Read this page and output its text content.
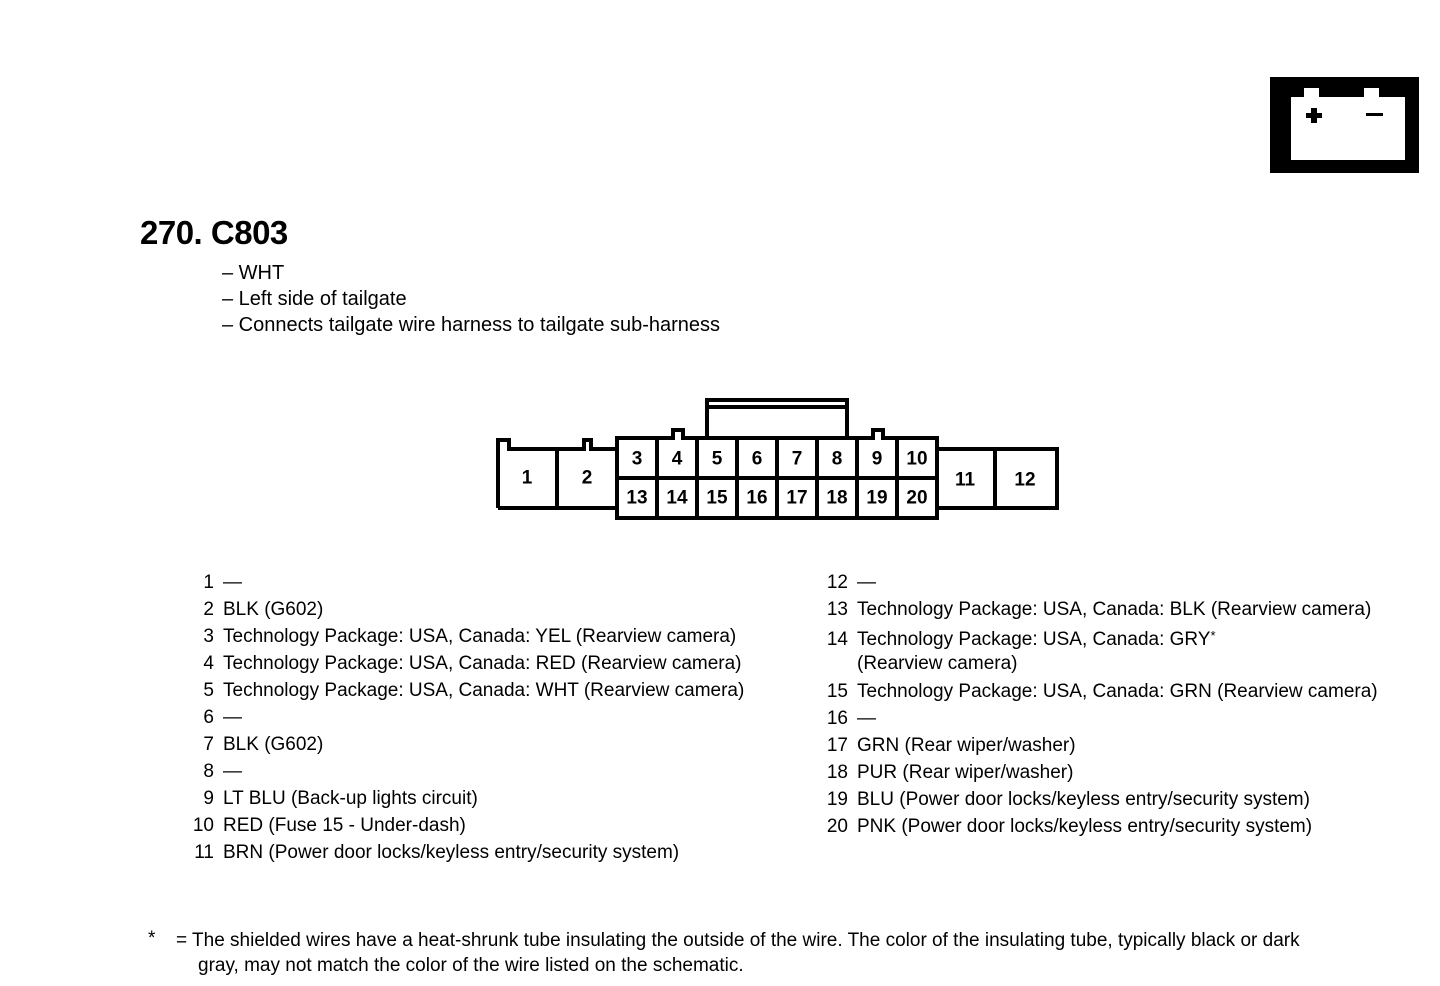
270. C803
– WHT
– Left side of tailgate
– Connects tailgate wire harness to tailgate sub-harness
1	2	11 12
3
13
4
14
5
15
6
16
7
17
8
18
9
19
10
20
1 —
2 BLK (G602)
3 Technology Package: USA, Canada: YEL (Rearview camera)
4 Technology Package: USA, Canada: RED (Rearview camera)
5 Technology Package: USA, Canada: WHT (Rearview camera)
6 —
7 BLK (G602)
8 —
9 LT BLU (Back-up lights circuit)
10 RED (Fuse 15 - Under-dash)
11 BRN (Power door locks/keyless entry/security system)
12 —
13 Technology Package: USA, Canada: BLK (Rearview camera)
14 Technology Package: USA, Canada: GRY*
(Rearview camera)
15 Technology Package: USA, Canada: GRN (Rearview camera)
16 —
17 GRN (Rear wiper/washer)
18 PUR (Rear wiper/washer)
19 BLU (Power door locks/keyless entry/security system)
20 PNK (Power door locks/keyless entry/security system)
* = The shielded wires have a heat-shrunk tube insulating the outside of the wire. The color of the insulating tube, typically black or dark
gray, may not match the color of the wire listed on the schematic.
